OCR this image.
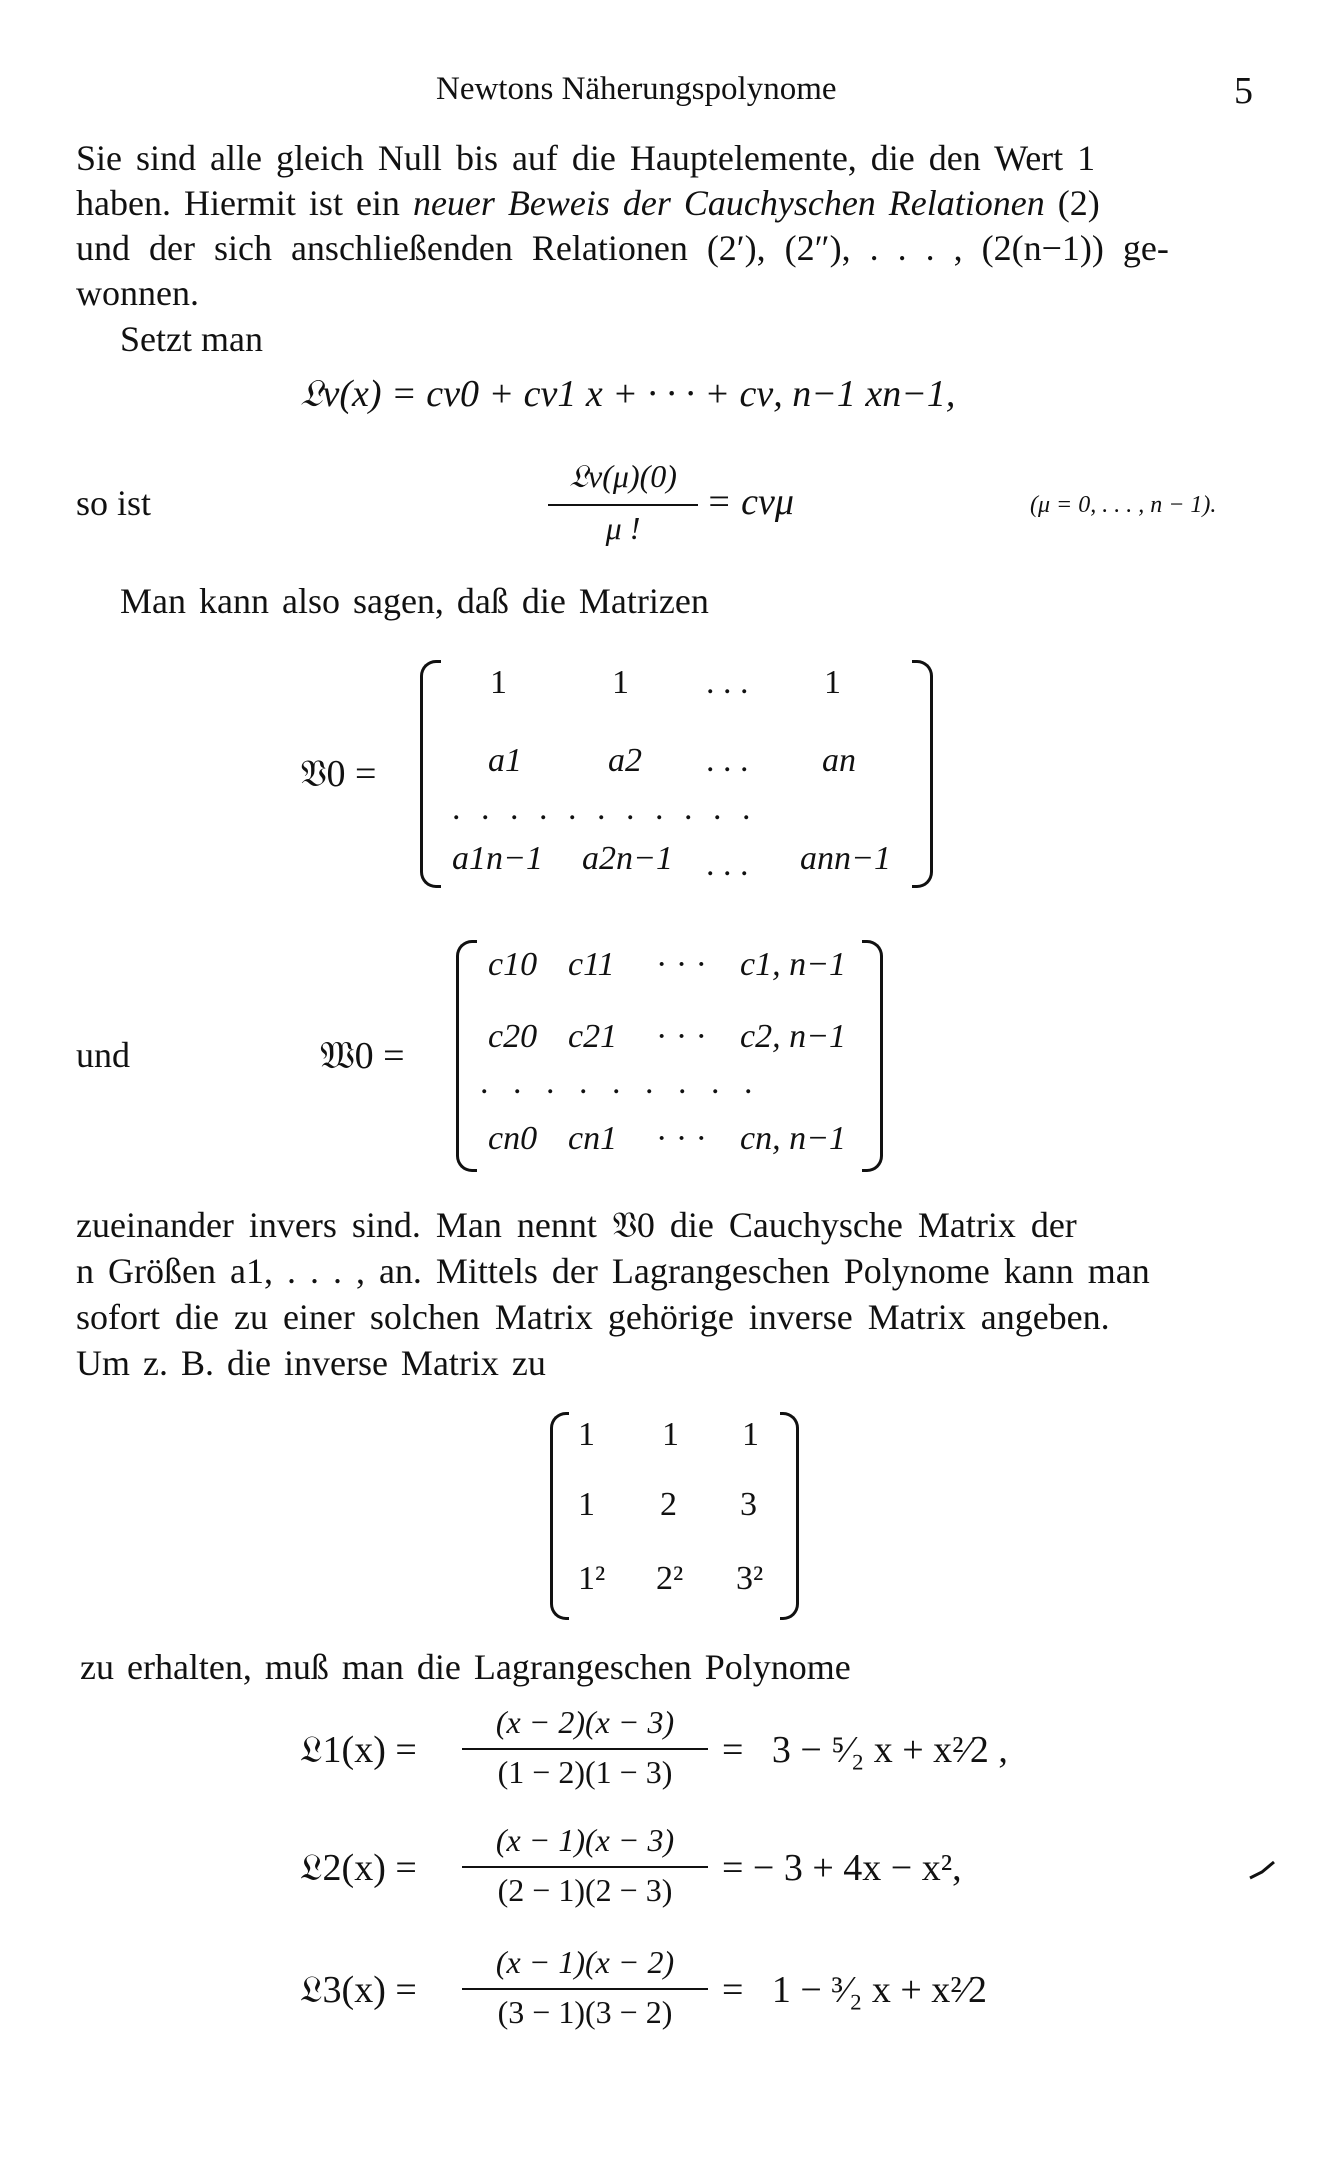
Newtons Näherungspolynome	5
Sie sind alle gleich Null bis auf die Hauptelemente, die den Wert 1
haben. Hiermit ist ein neuer Beweis der Cauchyschen Relationen (2)
und der sich anschließenden Relationen (2′), (2″), . . . , (2(n−1)) ge-
wonnen.
Setzt man
𝔏ν(x) = cν0 + cν1 x + · · · + cν, n−1 xn−1,
so ist
𝔏ν(μ)(0)
μ !
= cνμ	(μ = 0, . . . , n − 1).
Man kann also sagen, daß die Matrizen
𝔙0 =
1	1 . . . 1
a1	a2 . . . an
. . . . . . . . . . .
a1n−1 a2n−1 . . . ann−1
und	𝔚0 =
c10 c11 · · · c1, n−1
c20 c21 · · · c2, n−1
. . . . . . . . .
cn0 cn1 · · · cn, n−1
zueinander invers sind. Man nennt 𝔙0 die Cauchysche Matrix der
n Größen a1, . . . , an. Mittels der Lagrangeschen Polynome kann man
sofort die zu einer solchen Matrix gehörige inverse Matrix angeben.
Um z. B. die inverse Matrix zu
1 1 1
1 2 3
1² 2² 3²
zu erhalten, muß man die Lagrangeschen Polynome
𝔏1(x) =
(x − 2)(x − 3)
(1 − 2)(1 − 3)
=   3 − ⁵⁄₂ x + x²⁄2 ,
𝔏2(x) =
(x − 1)(x − 3)
(2 − 1)(2 − 3)
= − 3 + 4x − x²,
𝔏3(x) =
(x − 1)(x − 2)
(3 − 1)(3 − 2)
=   1 − ³⁄₂ x + x²⁄2
